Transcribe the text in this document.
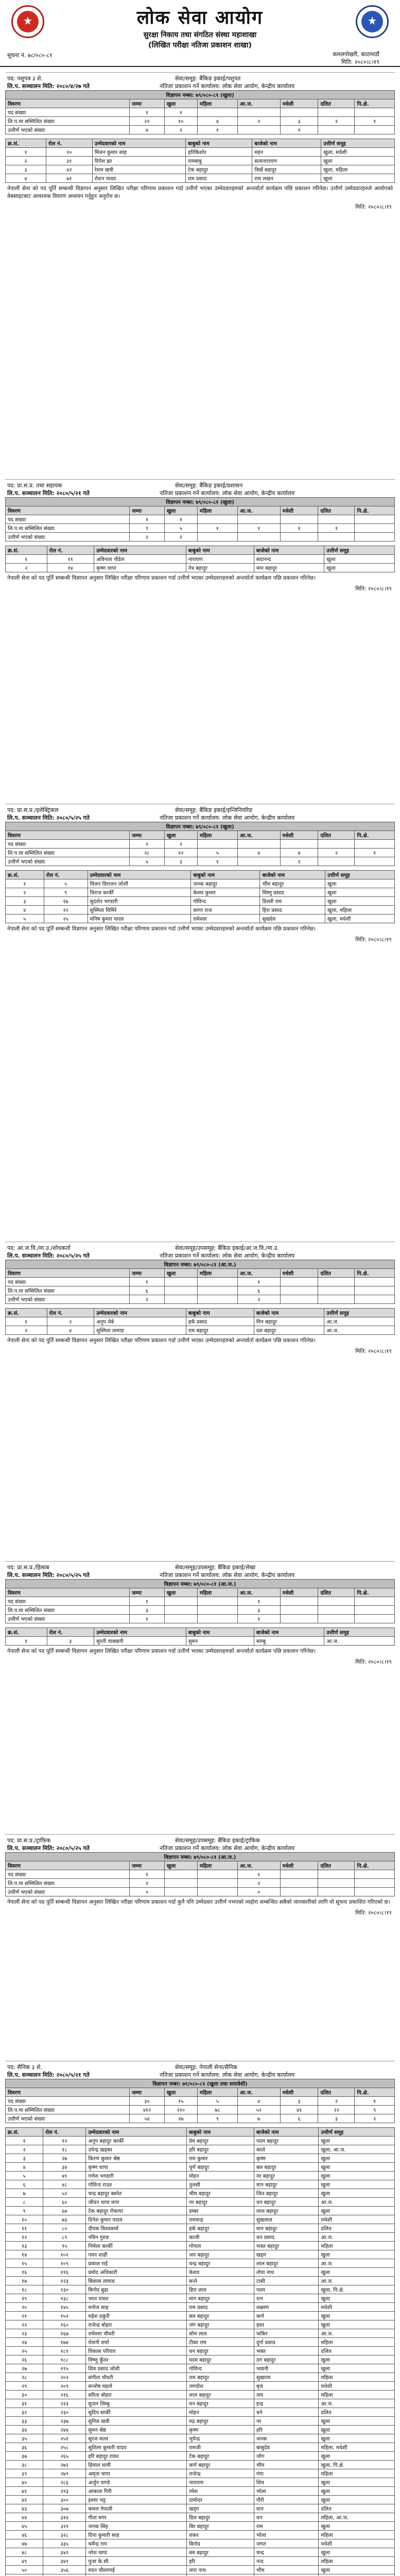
लोक सेवा आयोग
सुरक्षा निकाय तथा संगठित संस्था महाशाखा
(लिखित परीक्षा नतिजा प्रकाशन शाखा)
कमलपोखरी, काठमाडौं
मिति: २०८०।८।१९
सूचना नं. ७८/०८०-८१
पद: पशुपत्र ३ शे.	सेवा/समूह: बैंकिङ इकाई/पशुपत
लि.प. सञ्चालन मिति: २०८०/४/२७ गते	नतिजा प्रकाशन गर्ने कार्यालय: लोक सेवा आयोग, केन्द्रीय कार्यालय
विज्ञापन नम्बर: ७९/०८०-८१ (खुला)							
विवरण	जम्मा	खुला	महिला	आ.ज.	मधेशी	दलित	पि.क्षे.
पद संख्या	१	१					
लि.प.मा सम्मिलित संख्या	२२	१०	४	२	३	२	१
उत्तीर्ण भएको संख्या	४	२	१		१		
क्र.सं.	रोल नं.	उम्मेदवारको नाम	बाबुको नाम	बाजेको नाम	उत्तीर्ण समूह
१	१०	मिलन कुमार साह	हरिकिशोर	महन	खुला, मधेशी
२	३१	दिपेश झा	रामबाबु	सत्यनारायण	खुला
३	४२	रेशम खत्री	टेक बहादुर	विर्खे बहादुर	खुला, महिला
४	७१	रोशन यादव	राम प्रसाद	राम लखन	खुला
नेपाली सेना को पद पूर्ति सम्बन्धी विज्ञापन अनुसार लिखित परीक्षा परिणाम प्रकाशन गर्दा उत्तीर्ण भएका उम्मेदवारहरुको अन्तर्वार्ता कार्यक्रम पछि प्रकाशन गरिनेछ। उत्तीर्ण उम्मेदवारहरुले आयोगको वेबसाइटबाट आवश्यक विवरण अध्ययन गर्नुहुन अनुरोध छ।
मिति: २०८०।८।१९
पद: प्रा.स.प्र. तथा सहायक	सेवा/समूह: बैंकिङ इकाई/प्रशासन
लि.प. सञ्चालन मिति: २०८०/५/२१ गते	नतिजा प्रकाशन गर्ने कार्यालय: लोक सेवा आयोग, केन्द्रीय कार्यालय
विज्ञापन नम्बर: ७९/०८०-८१ (खुला)							
विवरण	जम्मा	खुला	महिला	आ.ज.	मधेशी	दलित	पि.क्षे.
पद संख्या	१	१					
लि.प.मा सम्मिलित संख्या	९	५	१	१	१	१	
उत्तीर्ण भएको संख्या	२	२					
क्र.सं.	रोल नं.	उम्मेदवारको नाम	बाबुको नाम	बाजेको नाम	उत्तीर्ण समूह
१	११	अविनाश पौडेल	नारायण	सदानन्द	खुला
२	१४	कृष्ण थापा	नेत्र बहादुर	मान बहादुर	खुला
नेपाली सेना को पद पूर्ति सम्बन्धी विज्ञापन अनुसार लिखित परीक्षा परिणाम प्रकाशन गर्दा उत्तीर्ण भएका उम्मेदवारहरुको अन्तर्वार्ता कार्यक्रम पछि प्रकाशन गरिनेछ।
मिति: २०८०।८।१९
पद: प्रा.स.प्र./इलेक्ट्रिकल	सेवा/समूह: बैंकिङ इकाई/इन्जिनियरिङ
लि.प. सञ्चालन मिति: २०८०/५/२५ गते	नतिजा प्रकाशन गर्ने कार्यालय: लोक सेवा आयोग, केन्द्रीय कार्यालय
विज्ञापन नम्बर: ७९/०८०-८१ (खुला)							
विवरण	जम्मा	खुला	महिला	आ.ज.	मधेशी	दलित	पि.क्षे.
पद संख्या	२	२					
लि.प.मा सम्मिलित संख्या	२८	१२	५	४	४	२	१
उत्तीर्ण भएको संख्या	५	३	१		१		
क्र.सं.	रोल नं.	उम्मेदवारको नाम	बाबुको नाम	बाजेको नाम	उत्तीर्ण समूह
१	५	मिलन विराजन जोशी	जनक बहादुर	भीम बहादुर	खुला
२	९	विराज कार्की	केशव कुमार	विष्णु प्रसाद	खुला
३	१७	सुदर्शन भण्डारी	गोविन्द	डिल्ली राम	खुला
४	२२	सुस्मिता घिमिरे	सागर राज	हिरा प्रसाद	खुला, महिला
५	२५	मनिष कुमार यादव	रामेश्वर	सुखदेव	खुला, मधेशी
नेपाली सेना को पद पूर्ति सम्बन्धी विज्ञापन अनुसार लिखित परीक्षा परिणाम प्रकाशन गर्दा उत्तीर्ण भएका उम्मेदवारहरुको अन्तर्वार्ता कार्यक्रम पछि प्रकाशन गरिनेछ।
मिति: २०८०।८।१९
पद: आ.ज.वि./मा.उ./शोधकर्ता	सेवा/समूह/उपसमूह: बैंकिङ इकाई/आ.ज.वि./मा.उ.
लि.प. सञ्चालन मिति: २०८०/५/२५ गते	नतिजा प्रकाशन गर्ने कार्यालय: लोक सेवा आयोग, केन्द्रीय कार्यालय
विज्ञापन नम्बर: ७९/०८०-८१ (आ.ज.)							
विवरण	जम्मा	खुला	महिला	आ.ज.	मधेशी	दलित	पि.क्षे.
पद संख्या	१			१			
लि.प.मा सम्मिलित संख्या	६			६			
उत्तीर्ण भएको संख्या	२			२			
क्र.सं.	रोल नं.	उम्मेदवारको नाम	बाबुको नाम	बाजेको नाम	उत्तीर्ण समूह
१	२	अनुप थेबे	हर्क प्रसाद	मिन बहादुर	आ.ज.
२	४	सुस्मिता तामाङ	राम बहादुर	दल बहादुर	आ.ज.
नेपाली सेना को पद पूर्ति सम्बन्धी विज्ञापन अनुसार लिखित परीक्षा परिणाम प्रकाशन गर्दा उत्तीर्ण भएका उम्मेदवारहरुको अन्तर्वार्ता कार्यक्रम पछि प्रकाशन गरिनेछ।
मिति: २०८०।८।१९
पद: प्रा.स.प्र./हिसाब	सेवा/समूह/उपसमूह: बैंकिङ इकाई/लेखा
लि.प. सञ्चालन मिति: २०८०/५/२५ गते	नतिजा प्रकाशन गर्ने कार्यालय: लोक सेवा आयोग, केन्द्रीय कार्यालय
विज्ञापन नम्बर: ७९/०८०-८१ (आ.ज.)							
विवरण	जम्मा	खुला	महिला	आ.ज.	मधेशी	दलित	पि.क्षे.
पद संख्या	१			१			
लि.प.मा सम्मिलित संख्या	३			३			
उत्तीर्ण भएको संख्या	१			१			
क्र.सं.	रोल नं.	उम्मेदवारको नाम	बाबुको नाम	बाजेको नाम	उत्तीर्ण समूह
१	३	सुरती याक्खनी	सुमन	साम्बु	आ.ज.
नेपाली सेना को पद पूर्ति सम्बन्धी विज्ञापन अनुसार लिखित परीक्षा परिणाम प्रकाशन गर्दा उत्तीर्ण भएका उम्मेदवारहरुको अन्तर्वार्ता कार्यक्रम पछि प्रकाशन गरिनेछ।
मिति: २०८०।८।१९
पद: प्रा.स.प्र./ट्राफिक	सेवा/समूह/उपसमूह: बैंकिङ इकाई/ट्राफिक
लि.प. सञ्चालन मिति: २०८०/५/२५ गते	नतिजा प्रकाशन गर्ने कार्यालय: लोक सेवा आयोग, केन्द्रीय कार्यालय
विज्ञापन नम्बर: ७९/०८०-८१ (आ.ज.)							
विवरण	जम्मा	खुला	महिला	आ.ज.	मधेशी	दलित	पि.क्षे.
पद संख्या	१			१			
लि.प.मा सम्मिलित संख्या	२			२			
उत्तीर्ण भएको संख्या	०			०			
नेपाली सेना को पद पूर्ति सम्बन्धी विज्ञापन अनुसार लिखित परीक्षा परिणाम प्रकाशन गर्दा कुनै पनि उम्मेदवार उत्तीर्ण नभएको व्यहोरा सम्बन्धित सबैको जानकारीको लागि यो सूचना प्रकाशित गरिएको छ।
मिति: २०८०।८।१९
पद: सैनिक ३ शे.	सेवा/समूह: नेपाली सेना/सैनिक
लि.प. सञ्चालन मिति: २०८०/५/२१ गते	नतिजा प्रकाशन गर्ने कार्यालय: लोक सेवा आयोग, केन्द्रीय कार्यालय
विज्ञापन नम्बर: ७९/०८०-८१ (खुला तथा समावेशी)							
विवरण	जम्मा	खुला	महिला	आ.ज.	मधेशी	दलित	पि.क्षे.
पद संख्या	३०	१५	५	४	३	२	१
लि.प.मा सम्मिलित संख्या	४१२	२१०	७८	५२	४१	२२	९
उत्तीर्ण भएको संख्या	५४	२७	९	७	६	३	२
क्र.सं.	रोल नं.	उम्मेदवारको नाम	बाबुको नाम	बाजेको नाम	उत्तीर्ण समूह
१	१२	अनुप बहादुर कार्की	प्रेम बहादुर	पदम बहादुर	खुला
२	१८	उपेन्द्र खड्का	हरि बहादुर	काले	खुला, आ.ज.
३	२७	किरण कुमार श्रेष्ठ	राम कुमार	कृष्ण	खुला
४	३४	कृष्ण थापा	पूर्ण बहादुर	बल बहादुर	खुला
५	४१	गणेश भण्डारी	मोहन	नर बहादुर	खुला
६	४८	गोविन्द राउत	तुलसी	मान बहादुर	खुला
७	५२	चन्द्र बहादुर बस्नेत	भीम बहादुर	जित बहादुर	खुला
८	६०	जीवन थापा मगर	नर बहादुर	धन बहादुर	आ.ज.
९	६७	टेक बहादुर रोकाया	डम्बर	लाल बहादुर	खुला
१०	७३	दिनेश कुमार यादव	रामचन्द्र	सुखलाल	मधेशी
११	८०	दीपक विश्वकर्मा	हर्क बहादुर	मान बहादुर	दलित
१२	८९	नविन गुरुङ	काजी	धन प्रसाद	आ.ज.
१३	९५	निर्मला कार्की	गोपाल	भक्त बहादुर	महिला
१४	१०२	पवन शाही	जय बहादुर	खड्ग	खुला
१५	१०९	प्रकाश राई	चन्द्र बहादुर	लाल बहादुर	आ.ज.
१६	११६	प्रमोद अधिकारी	केशव	तोया नाथ	खुला
१७	१२३	बिकास तामाङ	सन्ते	टासी	आ.ज.
१८	१३०	बिनोद बुढा	हिरा लाल	पदम	खुला, पि.क्षे.
१९	१३८	भरत रावल	मान बहादुर	रत्न	खुला
२०	१४५	मनोज साह	राम प्रसाद	लक्ष्मण	मधेशी
२१	१५२	महेश ठकुरी	बल बहादुर	कर्ण	खुला
२२	१६०	राजेन्द्र बोहरा	जंग बहादुर	हस्त	खुला
२३	१६७	रामेश्वर चौधरी	सोम लाल	फकिर	आ.ज.
२४	१७४	रोशनी शर्मा	टीका राम	दुर्गा प्रसाद	महिला
२५	१८१	विकास परियार	धन बहादुर	भक्त	दलित
२६	१८८	विष्णु कुँवर	पदम बहादुर	ठग बहादुर	खुला
२७	१९५	शिव प्रसाद जोशी	गोविन्द	भवानी	खुला
२८	२०२	संगीता चौधरी	राम बहादुर	सुखराम	महिला
२९	२०९	सन्तोष महतो	जगदीश	बृज	मधेशी
३०	२१६	सरिता बोहरा	लाल बहादुर	जय	महिला
३१	२२३	सुजन लिम्बु	मन बहादुर	इन्द्र	आ.ज.
३२	२३०	सुदिप सार्की	मोहन	धने	दलित
३३	२३७	सुनिल खत्री	रुद्र बहादुर	नर	खुला
३४	२४४	सुमन श्रेष्ठ	कृष्ण	हरि	खुला
३५	२५१	सुरज मल्ल	भुपेन्द्र	जनक	खुला
३६	२५८	सुशिला कुमारी यादव	रामजी	बासुदेव	महिला, मधेशी
३७	२६५	हरि बहादुर रावत	टेक बहादुर	जोग	खुला
३८	२७२	हिमाल धामी	कर्ण बहादुर	भीम	खुला, पि.क्षे.
३९	२७९	अमृता थापा	राजेन्द्र	गंगा	महिला
४०	२८६	अर्जुन पाण्डे	नारायण	शिव	खुला
४१	२९३	आकाश गिरी	रमेश	भोला	खुला
४२	३००	इश्वर भट्ट	दामोदर	गौरी	खुला
४३	३०७	कमल नेपाली	खड्ग	मान	दलित
४४	३१४	गीता मगर	डिल बहादुर	धन	महिला, आ.ज.
४५	३२१	जनक सिंह	बिर बहादुर	राम	खुला
४६	३२८	दिपा कुमारी साह	शंकर	भोला	महिला
४७	३३५	धर्मेन्द्र राय	बिनोद	जगत	मधेशी
४८	३४२	नरेश थापा	बम बहादुर	चन्द्र	खुला
४९	३४९	पुजा के.सी.	हरि	नन्द	महिला
५०	३५६	मदन चौलागाई	तारा नाथ	भीम	खुला
